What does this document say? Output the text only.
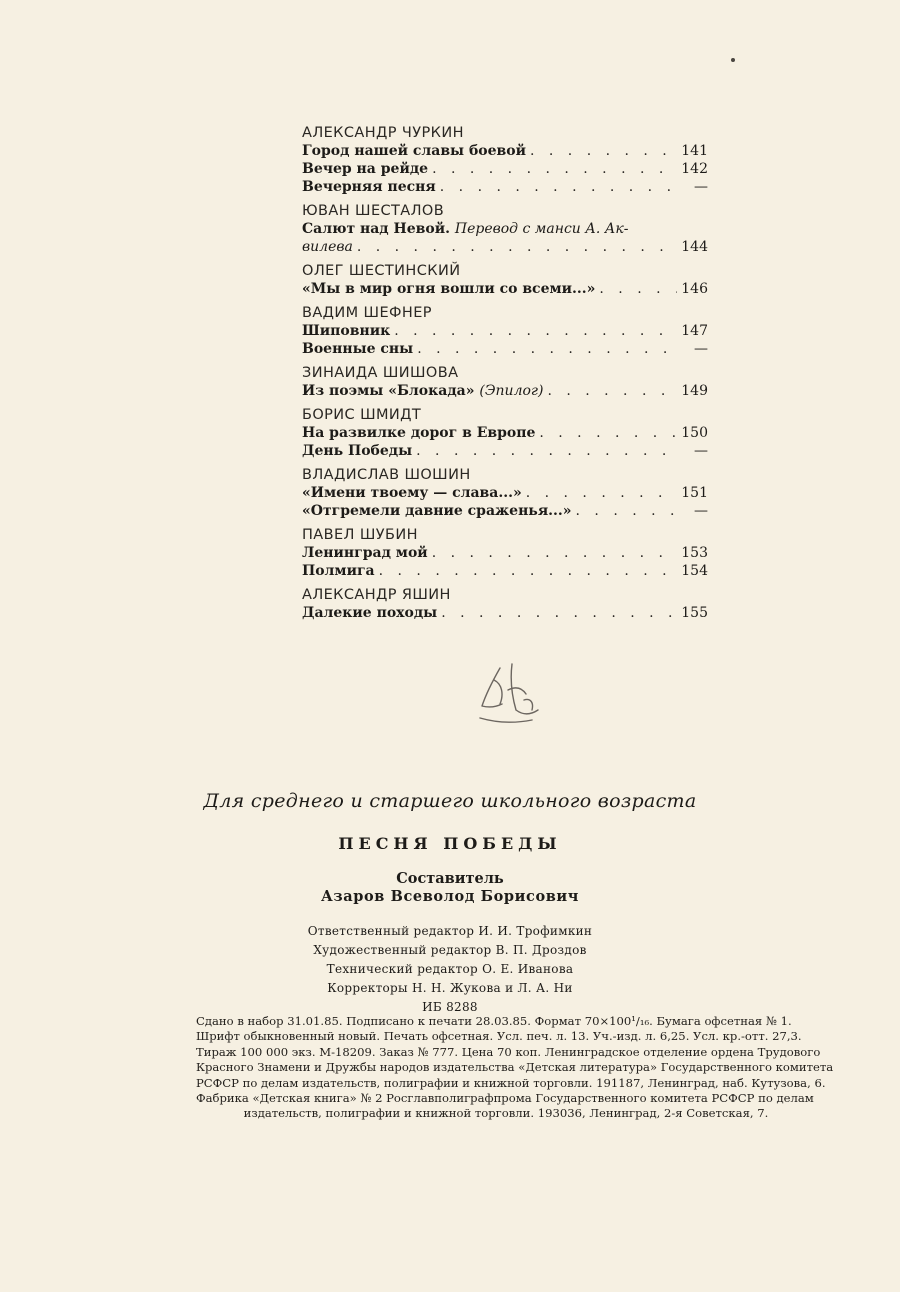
АЛЕКСАНДР ЧУРКИН
Город нашей славы боевой . . .	141
Вечер на рейде . . .	142
Вечерняя песня . . .	—
ЮВАН ШЕСТАЛОВ
Салют над Невой. Перевод с манси А. Ак-
вилева . . .	144
ОЛЕГ ШЕСТИНСКИЙ
«Мы в мир огня вошли со всеми...» . . .	146
ВАДИМ ШЕФНЕР
Шиповник . . .	147
Военные сны . . .	—
ЗИНАИДА ШИШОВА
Из поэмы «Блокада» (Эпилог) . . .	149
БОРИС ШМИДТ
На развилке дорог в Европе . . .	150
День Победы . . .	—
ВЛАДИСЛАВ ШОШИН
«Имени твоему — слава...» . . .	151
«Отгремели давние сраженья...» . . .	—
ПАВЕЛ ШУБИН
Ленинград мой . . .	153
Полмига . . .	154
АЛЕКСАНДР ЯШИН
Далекие походы . . .	155
Для среднего и старшего школьного возраста
ПЕСНЯ ПОБЕДЫ
Составитель
Азаров Всеволод Борисович
Ответственный редактор И. И. Трофимкин
Художественный редактор В. П. Дроздов
Технический редактор О. Е. Иванова
Корректоры Н. Н. Жукова и Л. А. Ни
ИБ 8288
Сдано в набор 31.01.85. Подписано к печати 28.03.85. Формат 70×100¹/₁₆. Бумага офсетная № 1.
Шрифт обыкновенный новый. Печать офсетная. Усл. печ. л. 13. Уч.-изд. л. 6,25. Усл. кр.-отт. 27,3.
Тираж 100 000 экз. М-18209. Заказ № 777. Цена 70 коп. Ленинградское отделение ордена Трудового
Красного Знамени и Дружбы народов издательства «Детская литература» Государственного комитета
РСФСР по делам издательств, полиграфии и книжной торговли. 191187, Ленинград, наб. Кутузова, 6.
Фабрика «Детская книга» № 2 Росглавполиграфпрома Государственного комитета РСФСР по делам
издательств, полиграфии и книжной торговли. 193036, Ленинград, 2-я Советская, 7.
